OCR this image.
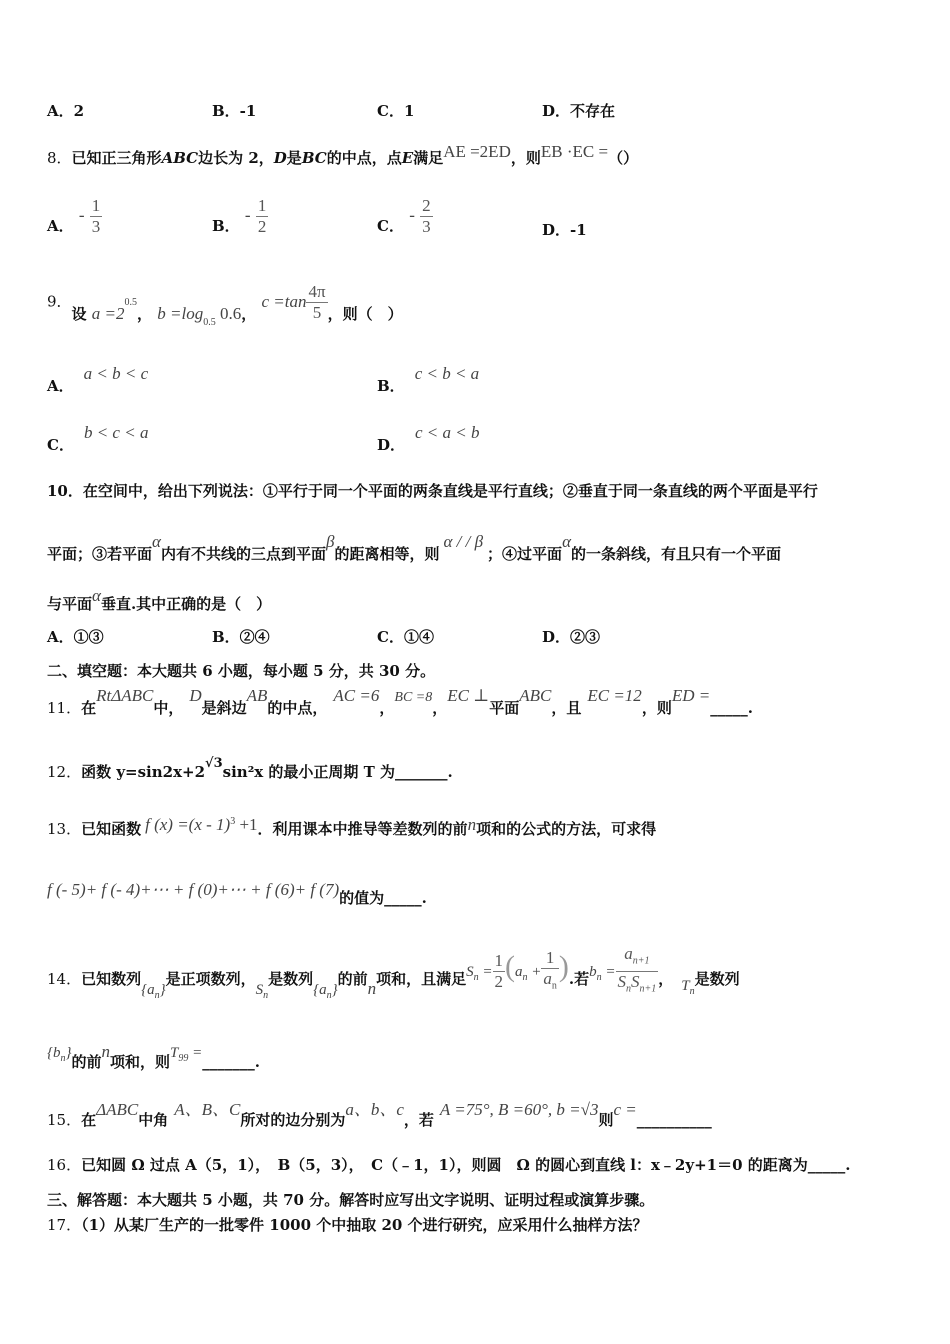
A．2	B．-1	C．1	D．不存在
8．已知正三角形ABC边长为 2，D是BC的中点，点E满足AE =2ED，则EB ·EC =（）
A． - $\frac{1}{3}$	B． - $\frac{1}{2}$	C． - $\frac{2}{3}$	D．-1
9．设 $a =2^{0.5}$， $b =\log_{0.5}$ 0.6， $c =\tan \frac{4\pi}{5}$ ，则（　）
A．a < b < c
B．c < b < a
C．b < c < a
D．c < a < b
10．在空间中，给出下列说法：①平行于同一个平面的两条直线是平行直线；②垂直于同一条直线的两个平面是平行
平面；③若平面α内有不共线的三点到平面β的距离相等，则α / / β；④过平面α的一条斜线，有且只有一个平面
与平面α垂直.其中正确的是（　）
A．①③	B．②④	C．①④	D．②③
二、填空题：本大题共 6 小题，每小题 5 分，共 30 分。
11．在RtΔABC中，D是斜边AB的中点，AC =6，BC =8，EC ⊥平面ABC，且EC =12，则ED =_____.
12．函数 $y=\sin 2x+2^{√3}\sin^2x$ 的最小正周期 T 为_______.
13．已知函数 f (x) =(x - 1)$^3$ +1．利用课本中推导等差数列的前n项和的公式的方法，可求得
f (- 5)+ f (- 4)+⋯ + f (0)+⋯ + f (6)+ f (7)的值为_____.
14．已知数列$\{a_n\}$是正项数列，$S_n$是数列$\{a_n\}$的前n项和，且满足$S_n = \frac{1}{2} (a_n + \frac{1}{a_n}$ ).若$b_n = \frac{a_{n+1}}{S_nS_{n+1}}$ ， $T_n$是数列
$\{b_n\}$的前n项和，则$T_{99}$ =_______.
15．在ΔABC中角A、B、C所对的边分别为a、b、c，若A =75°, B =60°, b =√3则c =__________
16．已知圆 Ω 过点 A（5，1），　B（5，3），　C（﹣1，1），则圆　Ω 的圆心到直线 l：x﹣2y+1＝0 的距离为_____.
三、解答题：本大题共 5 小题，共 70 分。解答时应写出文字说明、证明过程或演算步骤。
17．（1）从某厂生产的一批零件 1000 个中抽取 20 个进行研究，应采用什么抽样方法？
